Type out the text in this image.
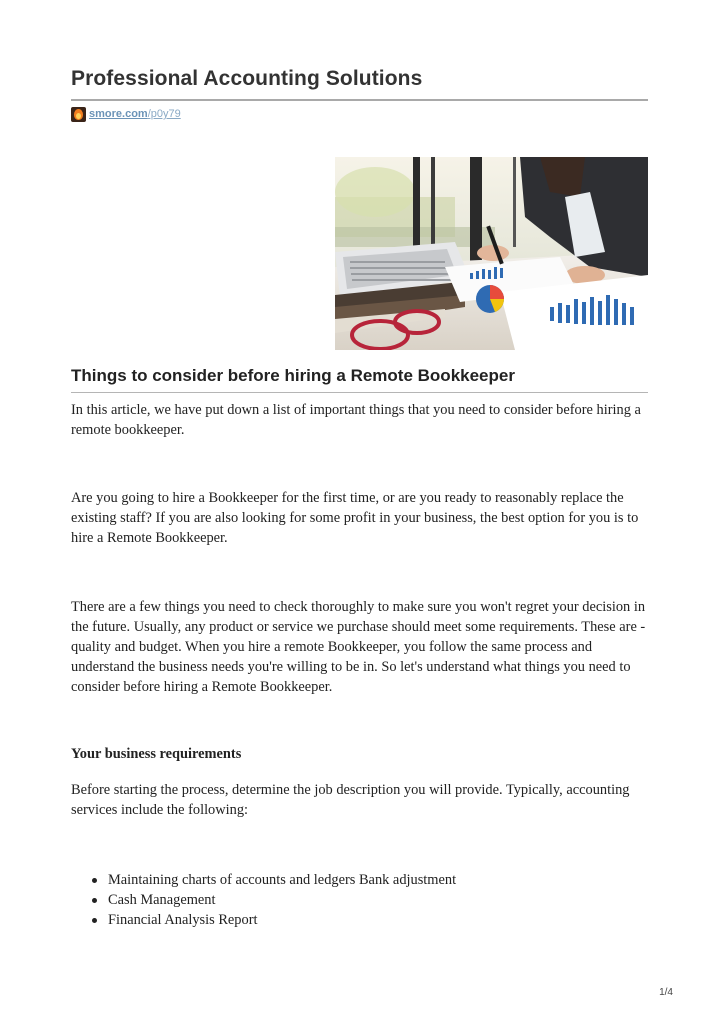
Professional Accounting Solutions
smore.com /p0y79
Things to consider before hiring a Remote Bookkeeper

In this article, we have put down a list of important things that you need to consider before hiring a remote bookkeeper.

Are you going to hire a Bookkeeper for the first time, or are you ready to reasonably replace the existing staff? If you are also looking for some profit in your business, the best option for you is to hire a Remote Bookkeeper.

There are a few things you need to check thoroughly to make sure you won't regret your decision in the future. Usually, any product or service we purchase should meet some requirements. These are - quality and budget. When you hire a remote Bookkeeper, you follow the same process and understand the business needs you're willing to be in. So let's understand what things you need to consider before hiring a Remote Bookkeeper.

Your business requirements

Before starting the process, determine the job description you will provide. Typically, accounting services include the following:

Maintaining charts of accounts and ledgers Bank adjustment
Cash Management
Financial Analysis Report
1/4
